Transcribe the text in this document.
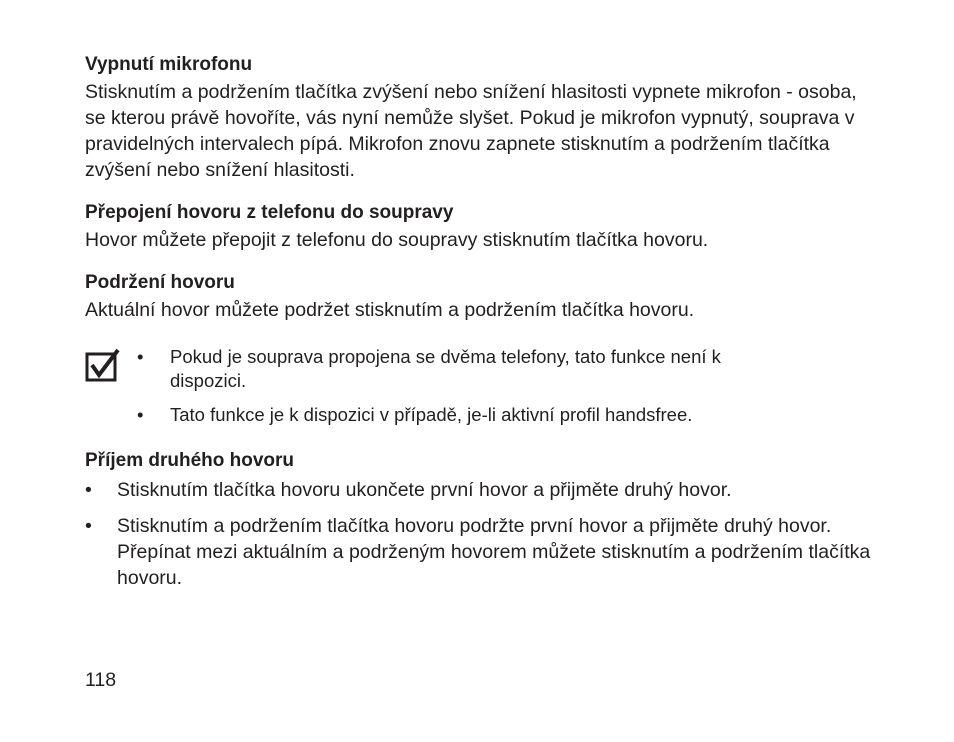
Vypnutí mikrofonu

Stisknutím a podržením tlačítka zvýšení nebo snížení hlasitosti vypnete mikrofon - osoba, se kterou právě hovoříte, vás nyní nemůže slyšet. Pokud je mikrofon vypnutý, souprava v pravidelných intervalech pípá. Mikrofon znovu zapnete stisknutím a podržením tlačítka zvýšení nebo snížení hlasitosti.

Přepojení hovoru z telefonu do soupravy

Hovor můžete přepojit z telefonu do soupravy stisknutím tlačítka hovoru.

Podržení hovoru

Aktuální hovor můžete podržet stisknutím a podržením tlačítka hovoru.

• Pokud je souprava propojena se dvěma telefony, tato funkce není k dispozici.
• Tato funkce je k dispozici v případě, je-li aktivní profil handsfree.

Příjem druhého hovoru

• Stisknutím tlačítka hovoru ukončete první hovor a přijměte druhý hovor.
• Stisknutím a podržením tlačítka hovoru podržte první hovor a přijměte druhý hovor. Přepínat mezi aktuálním a podrženým hovorem můžete stisknutím a podržením tlačítka hovoru.
118
